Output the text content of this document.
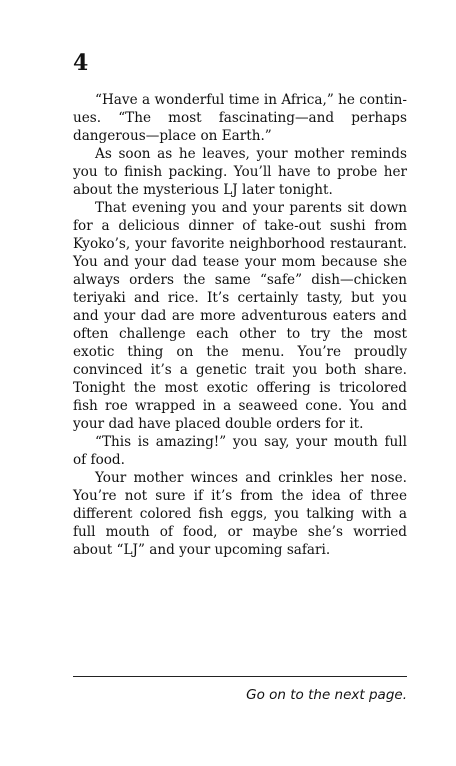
4

“Have a wonderful time in Africa,” he continues. “The most fascinating—and perhaps dangerous—place on Earth.”

As soon as he leaves, your mother reminds you to finish packing. You’ll have to probe her about the mysterious LJ later tonight.

That evening you and your parents sit down for a delicious dinner of take-out sushi from Kyoko’s, your favorite neighborhood restaurant. You and your dad tease your mom because she always orders the same “safe” dish—chicken teriyaki and rice. It’s certainly tasty, but you and your dad are more adventurous eaters and often challenge each other to try the most exotic thing on the menu. You’re proudly convinced it’s a genetic trait you both share. Tonight the most exotic offering is tricolored fish roe wrapped in a seaweed cone. You and your dad have placed double orders for it.

“This is amazing!” you say, your mouth full of food.

Your mother winces and crinkles her nose. You’re not sure if it’s from the idea of three different colored fish eggs, you talking with a full mouth of food, or maybe she’s worried about “LJ” and your upcoming safari.

Go on to the next page.
